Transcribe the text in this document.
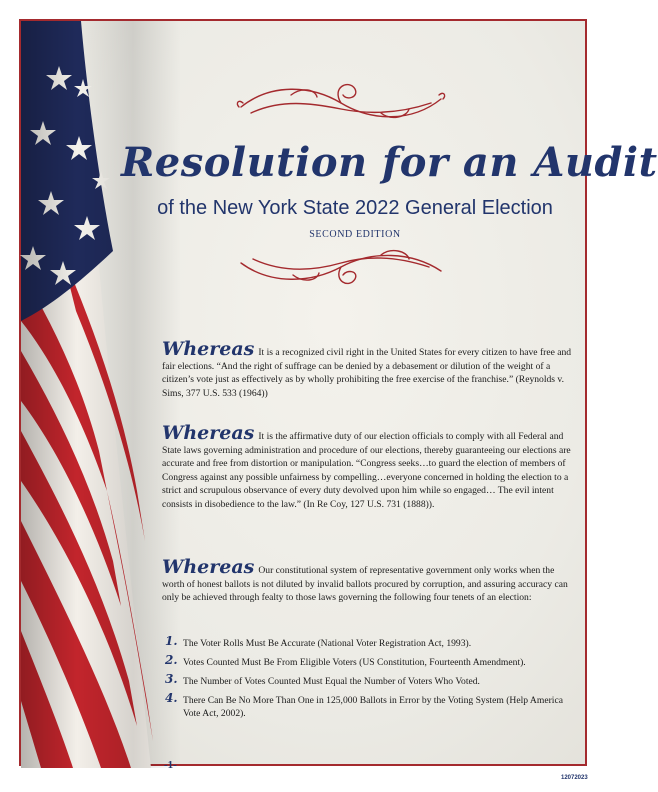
Resolution for an Audit
of the New York State 2022 General Election
SECOND EDITION
Whereas It is a recognized civil right in the United States for every citizen to have free and fair elections. “And the right of suffrage can be denied by a debasement or dilution of the weight of a citizen’s vote just as effectively as by wholly prohibiting the free exercise of the franchise.” (Reynolds v. Sims, 377 U.S. 533 (1964))
Whereas It is the affirmative duty of our election officials to comply with all Federal and State laws governing administration and procedure of our elections, thereby guaranteeing our elections are accurate and free from distortion or manipulation. “Congress seeks…to guard the election of members of Congress against any possible unfairness by compelling…everyone concerned in holding the election to a strict and scrupulous observance of every duty devolved upon him while so engaged… The evil intent consists in disobedience to the law.” (In Re Coy, 127 U.S. 731 (1888)).
Whereas Our constitutional system of representative government only works when the worth of honest ballots is not diluted by invalid ballots procured by corruption, and assuring accuracy can only be achieved through fealty to those laws governing the following four tenets of an election:
1. The Voter Rolls Must Be Accurate (National Voter Registration Act, 1993).
2. Votes Counted Must Be From Eligible Voters (US Constitution, Fourteenth Amendment).
3. The Number of Votes Counted Must Equal the Number of Voters Who Voted.
4. There Can Be No More Than One in 125,000 Ballots in Error by the Voting System (Help America Vote Act, 2002).
-1-
12072023
